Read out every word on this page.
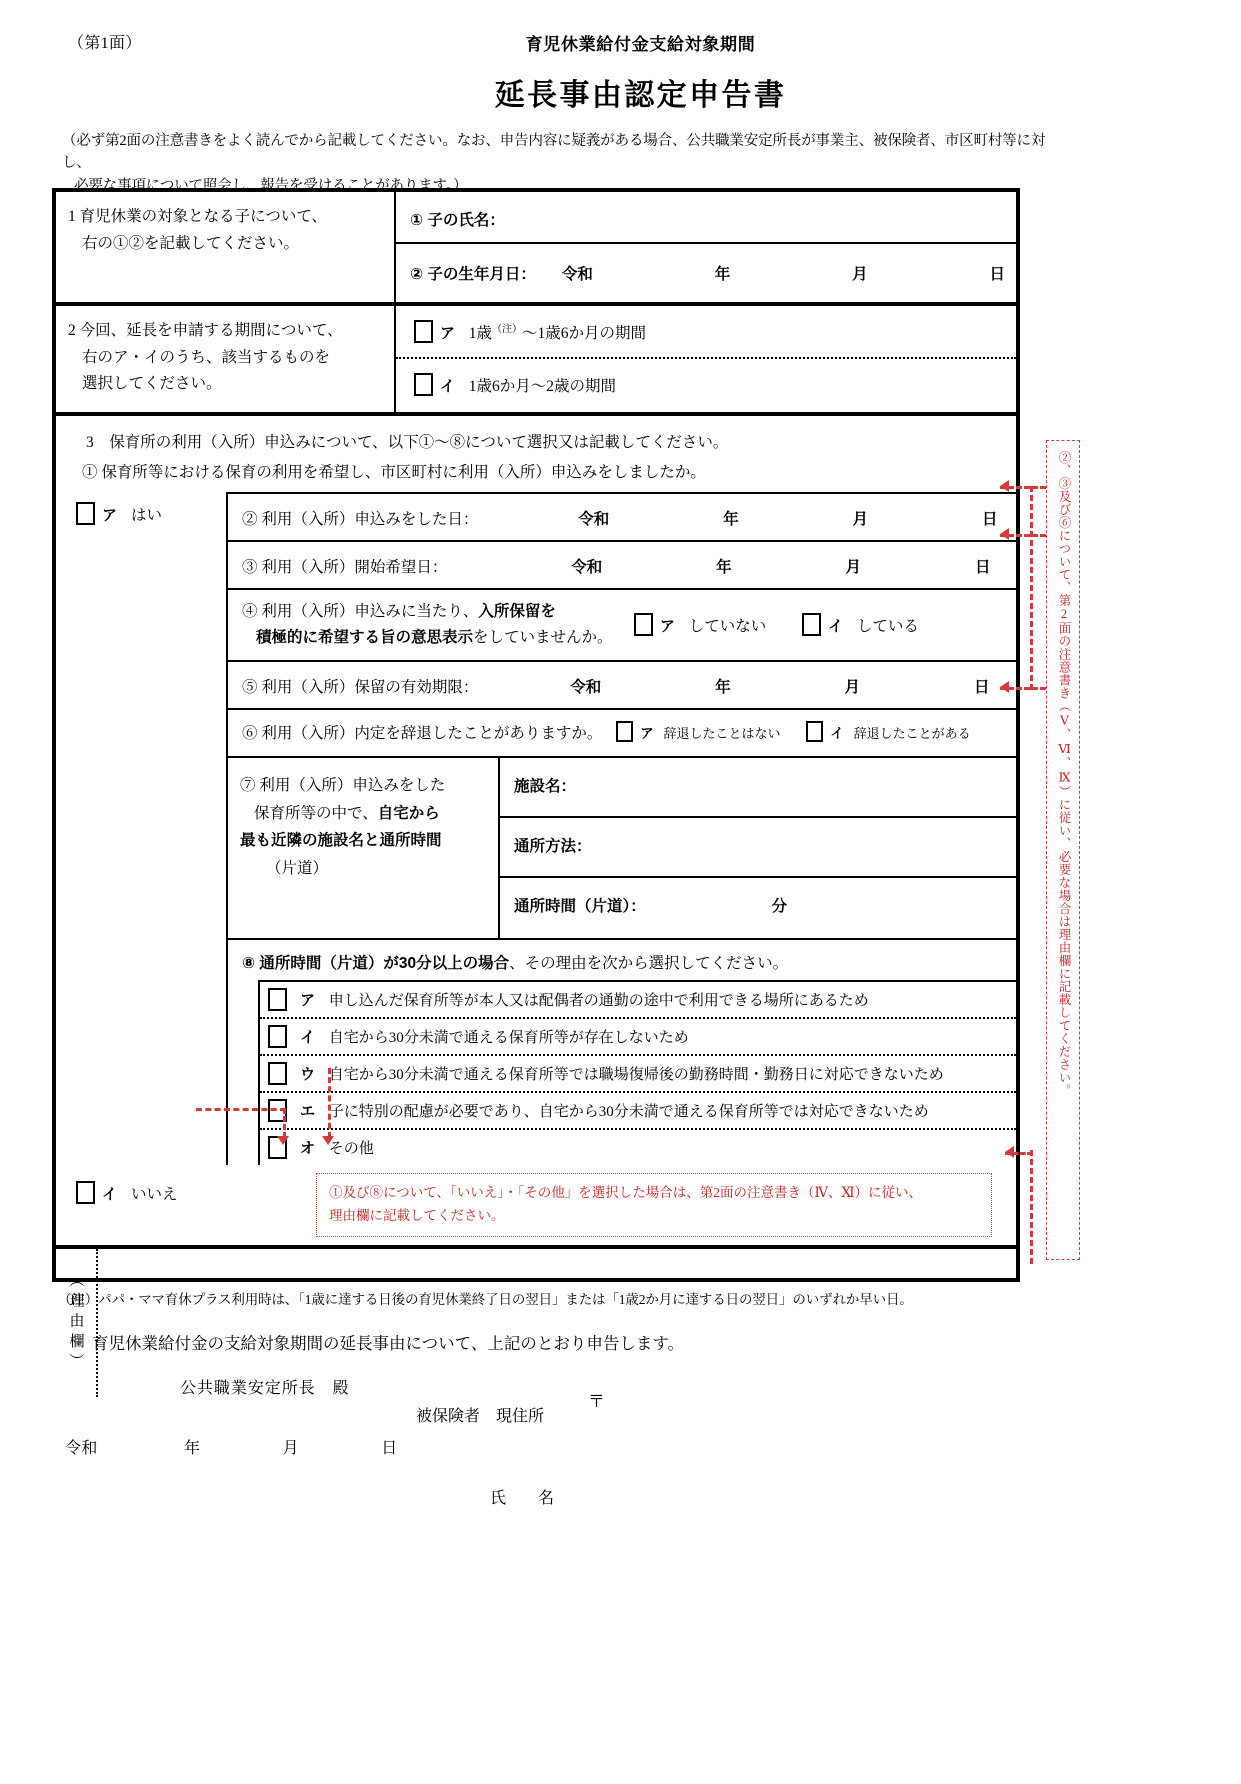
（第1面）	育児休業給付金支給対象期間
延長事由認定申告書
（必ず第2面の注意書きをよく読んでから記載してください。なお、申告内容に疑義がある場合、公共職業安定所長が事業主、被保険者、市区町村等に対し、
必要な事項について照会し、報告を受けることがあります。）
1 育児休業の対象となる子について、
右の①②を記載してください。
① 子の氏名：
② 子の生年月日： 令和	年	月	日
2 今回、延長を申請する期間について、
右のア・イのうち、該当するものを
選択してください。
ア 1歳$^{(注)}$～1歳6か月の期間
イ 1歳6か月～2歳の期間
3　保育所の利用（入所）申込みについて、以下①～⑧について選択又は記載してください。
① 保育所等における保育の利用を希望し、市区町村に利用（入所）申込みをしましたか。
ア はい	② 利用（入所）申込みをした日：	令和	年	月	日
③ 利用（入所）開始希望日：	令和	年	月	日
④ 利用（入所）申込みに当たり、入所保留を
積極的に希望する旨の意思表示をしていませんか。
ア していない	イ している
⑤ 利用（入所）保留の有効期限：	令和	年	月	日
⑥ 利用（入所）内定を辞退したことがありますか。	ア 辞退したことはない	イ 辞退したことがある
⑦ 利用（入所）申込みをした
保育所等の中で、自宅から
最も近隣の施設名と通所時間
（片道）
施設名：
通所方法：
通所時間（片道）：	分
⑧ 通所時間（片道）が30分以上の場合、その理由を次から選択してください。
ア 申し込んだ保育所等が本人又は配偶者の通勤の途中で利用できる場所にあるため
イ 自宅から30分未満で通える保育所等が存在しないため
ウ 自宅から30分未満で通える保育所等では職場復帰後の勤務時間・勤務日に対応できないため
エ 子に特別の配慮が必要であり、自宅から30分未満で通える保育所等では対応できないため
オ その他
イ いいえ	①及び⑧について、「いいえ」・「その他」を選択した場合は、第2面の注意書き（Ⅳ、Ⅺ）に従い、
理由欄に記載してください。
（理由欄）
②、③及び⑥について、第2面の注意書き（Ⅴ、Ⅵ、Ⅸ）に従い、必要な場合は理由欄に記載してください。
（注）パパ・ママ育休プラス利用時は、「1歳に達する日後の育児休業終了日の翌日」または「1歳2か月に達する日の翌日」のいずれか早い日。
育児休業給付金の支給対象期間の延長事由について、上記のとおり申告します。
公共職業安定所長　殿
被保険者　現住所
〒
令和	年	月	日
氏　名
